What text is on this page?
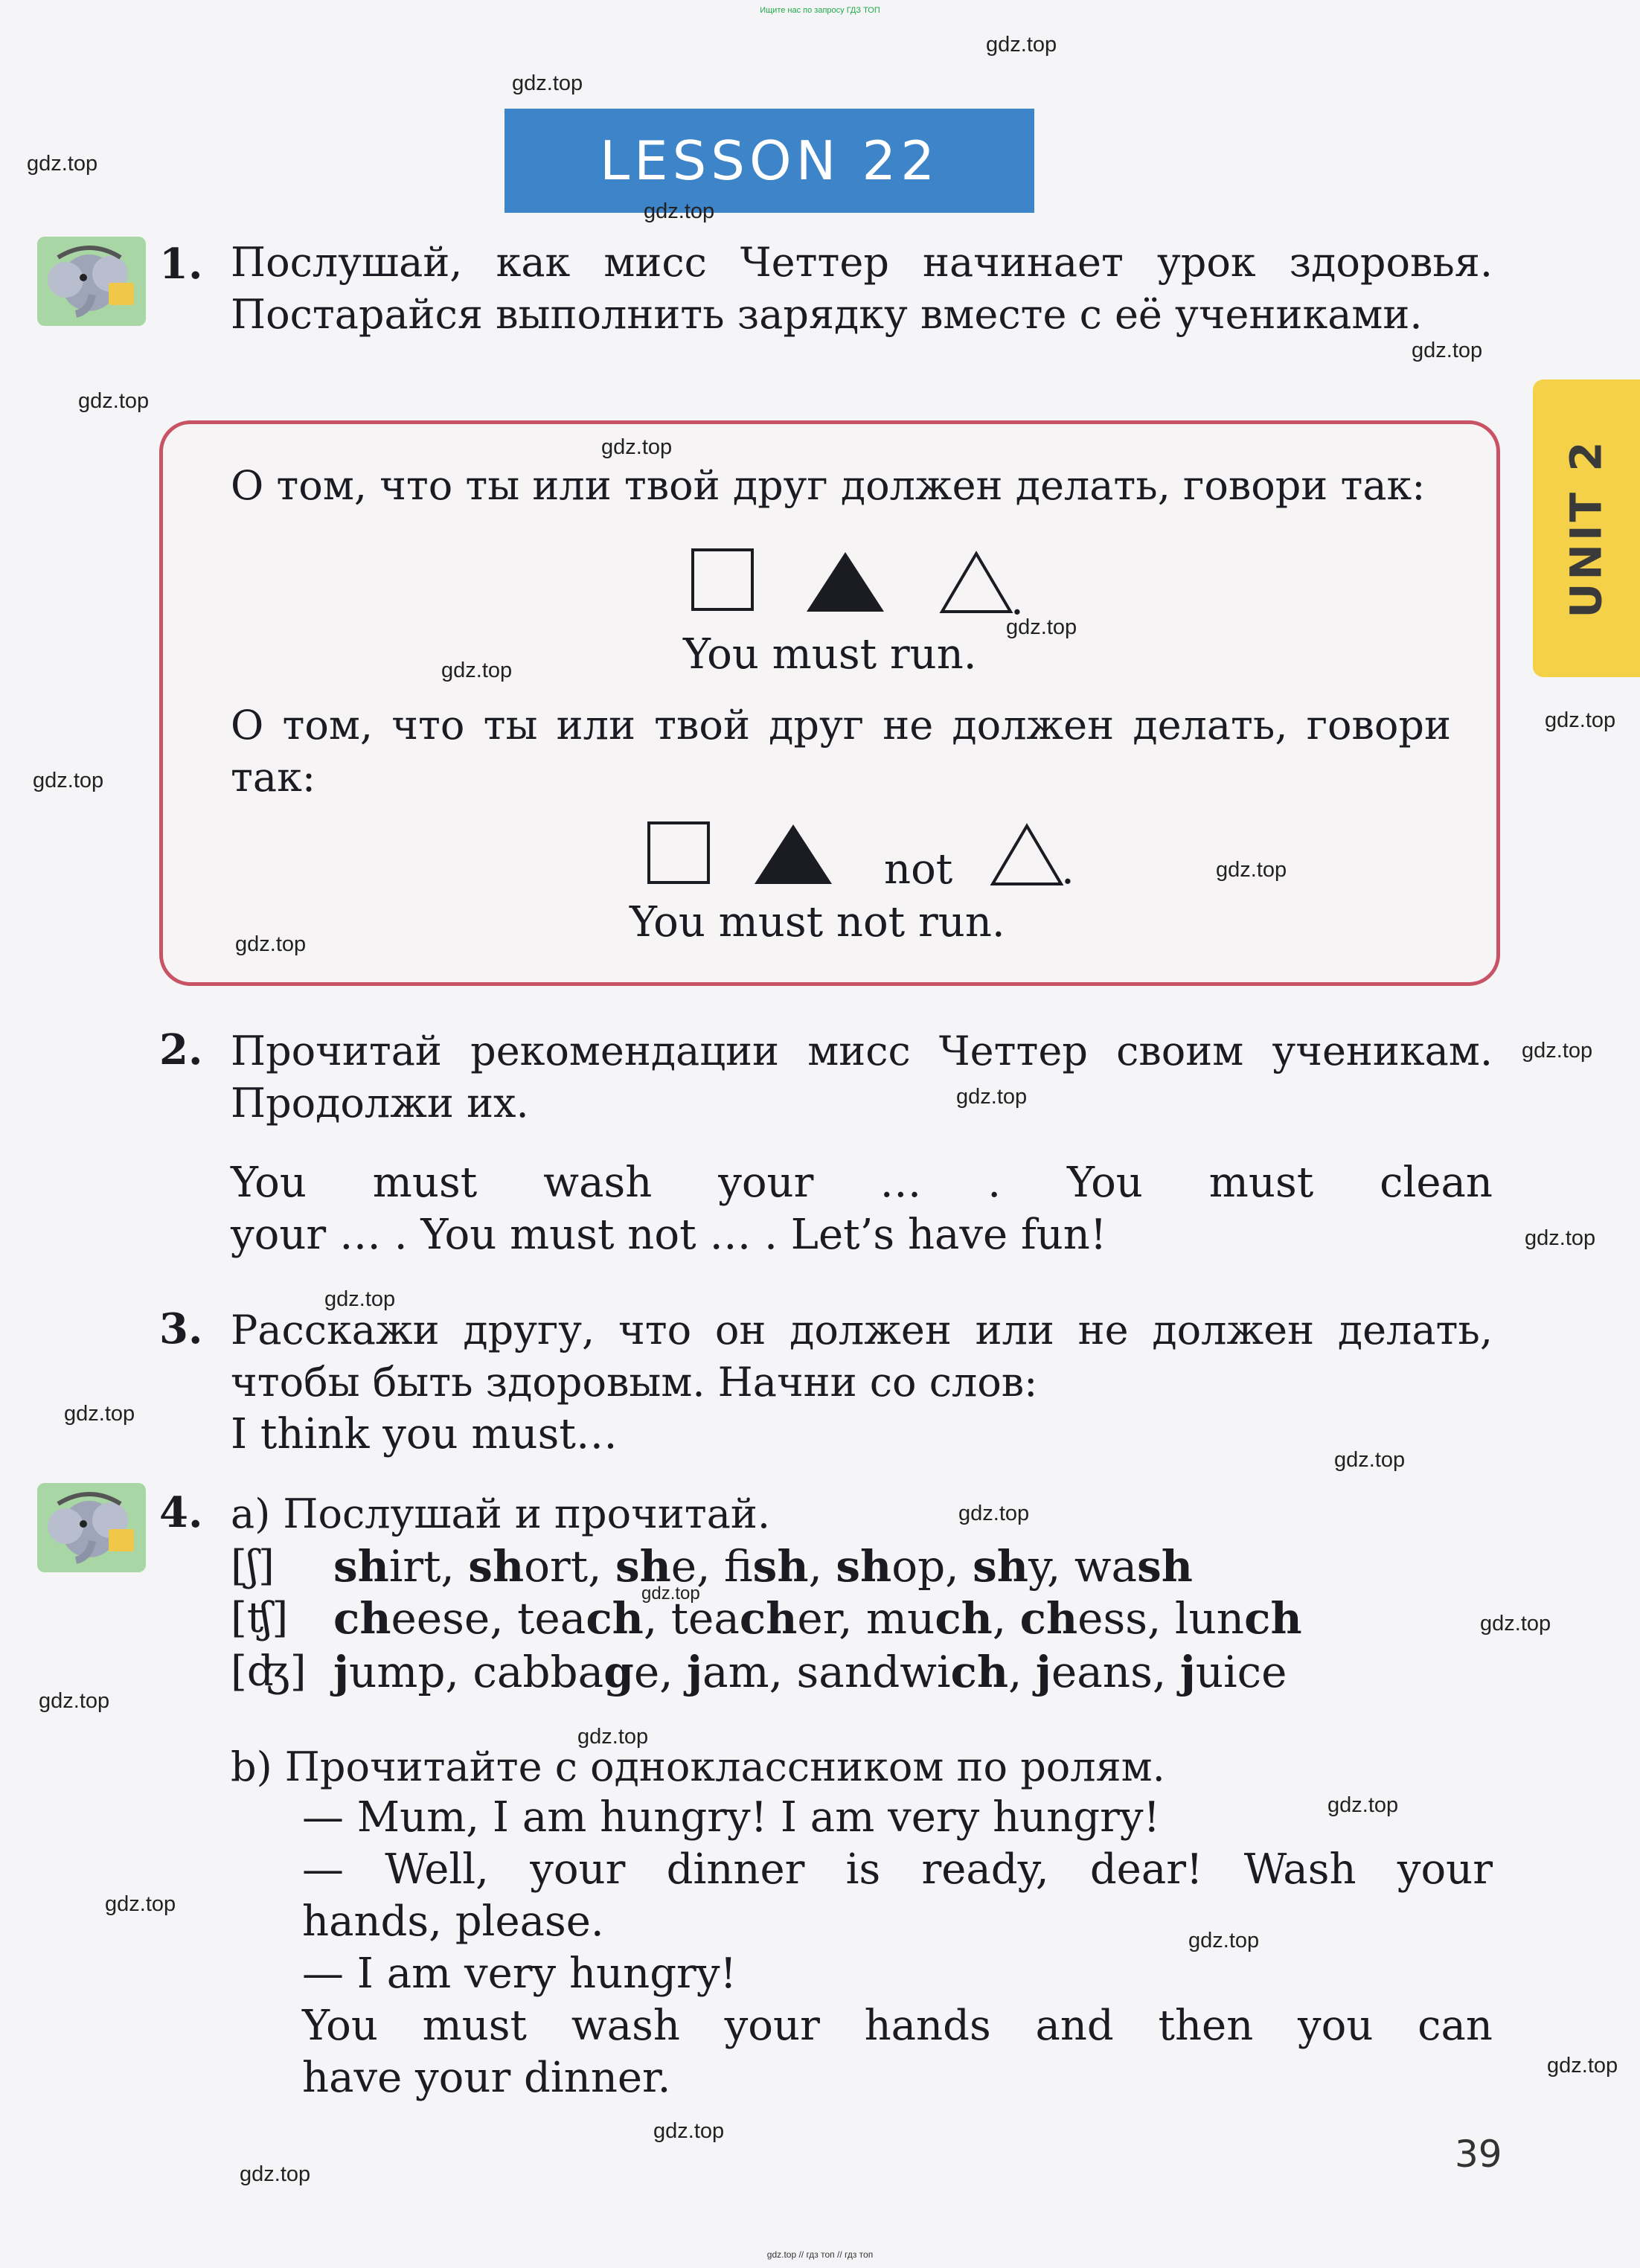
Ищите нас по запросу ГДЗ ТОП
LESSON 22
UNIT 2
1. Послушай, как мисс Четтер начинает урок здоровья. Постарайся выполнить зарядку вместе с её учениками.
О том, что ты или твой друг должен делать, говори так:
.
You must run.
О том, что ты или твой друг не должен делать, говори так:
not	.
You must not run.
2. Прочитай рекомендации мисс Четтер своим ученикам. Продолжи их.
You must wash your … . You must clean
your … . You must not … . Let’s have fun!
3. Расскажи другу, что он должен или не должен делать, чтобы быть здоровым. Начни со слов:
I think you must…
4. a) Послушай и прочитай.
[ʃ] shirt, short, she, fish, shop, shy, wash
[ʧ] cheese, teach, teacher, much, chess, lunch
[ʤ] jump, cabbage, jam, sandwich, jeans, juice
b) Прочитайте с одноклассником по ролям.
— Mum, I am hungry! I am very hungry!
— Well, your dinner is ready, dear! Wash your
hands, please.
— I am very hungry!
You must wash your hands and then you can
have your dinner.
39
gdz.top
gdz.top
gdz.top
gdz.top
gdz.top
gdz.top
gdz.top
gdz.top
gdz.top
gdz.top
gdz.top
gdz.top
gdz.top
gdz.top
gdz.top
gdz.top
gdz.top
gdz.top
gdz.top
gdz.top
gdz.top
gdz.top
gdz.top
gdz.top
gdz.top
gdz.top
gdz.top
gdz.top
gdz.top
gdz.top
gdz.top // гдз топ // гдз топ
